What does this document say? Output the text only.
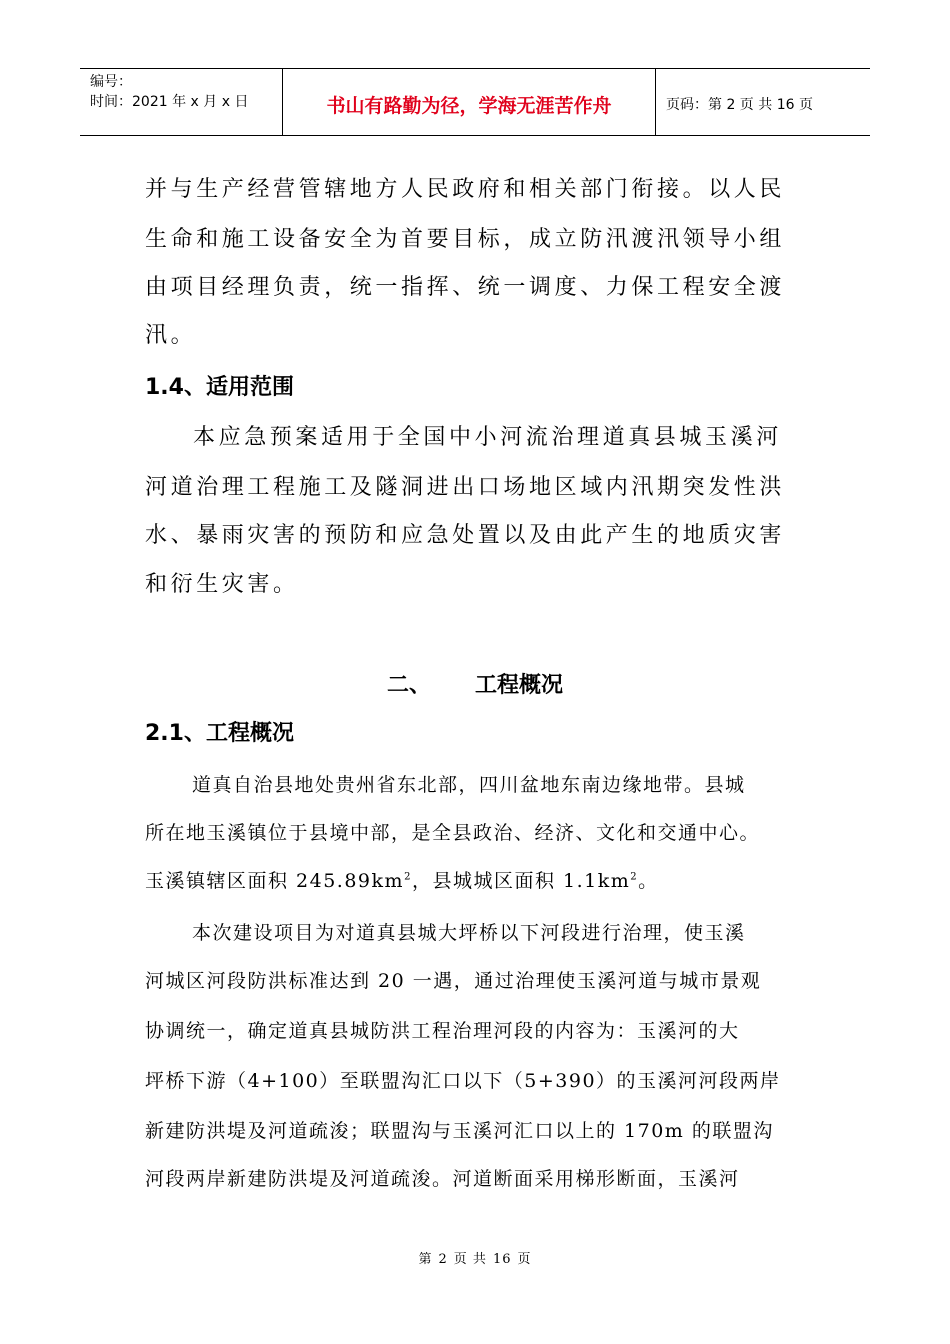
编号：
时间：2021 年 x 月 x 日	书山有路勤为径，学海无涯苦作舟	页码：第 2 页 共 16 页
并与生产经营管辖地方人民政府和相关部门衔接。以人民
生命和施工设备安全为首要目标，成立防汛渡汛领导小组
由项目经理负责，统一指挥、统一调度、力保工程安全渡
汛。
1.4、适用范围
本应急预案适用于全国中小河流治理道真县城玉溪河
河道治理工程施工及隧洞进出口场地区域内汛期突发性洪
水、暴雨灾害的预防和应急处置以及由此产生的地质灾害
和衍生灾害。
二、 工程概况
2.1、工程概况
道真自治县地处贵州省东北部，四川盆地东南边缘地带。县城
所在地玉溪镇位于县境中部，是全县政治、经济、文化和交通中心。
玉溪镇辖区面积 $245.89km^2$，县城城区面积 $1.1km^2$。
本次建设项目为对道真县城大坪桥以下河段进行治理，使玉溪
河城区河段防洪标准达到 20 一遇，通过治理使玉溪河道与城市景观
协调统一，确定道真县城防洪工程治理河段的内容为：玉溪河的大
坪桥下游（4+100）至联盟沟汇口以下（5+390）的玉溪河河段两岸
新建防洪堤及河道疏浚；联盟沟与玉溪河汇口以上的 170m 的联盟沟
河段两岸新建防洪堤及河道疏浚。河道断面采用梯形断面，玉溪河
第 2 页 共 16 页
